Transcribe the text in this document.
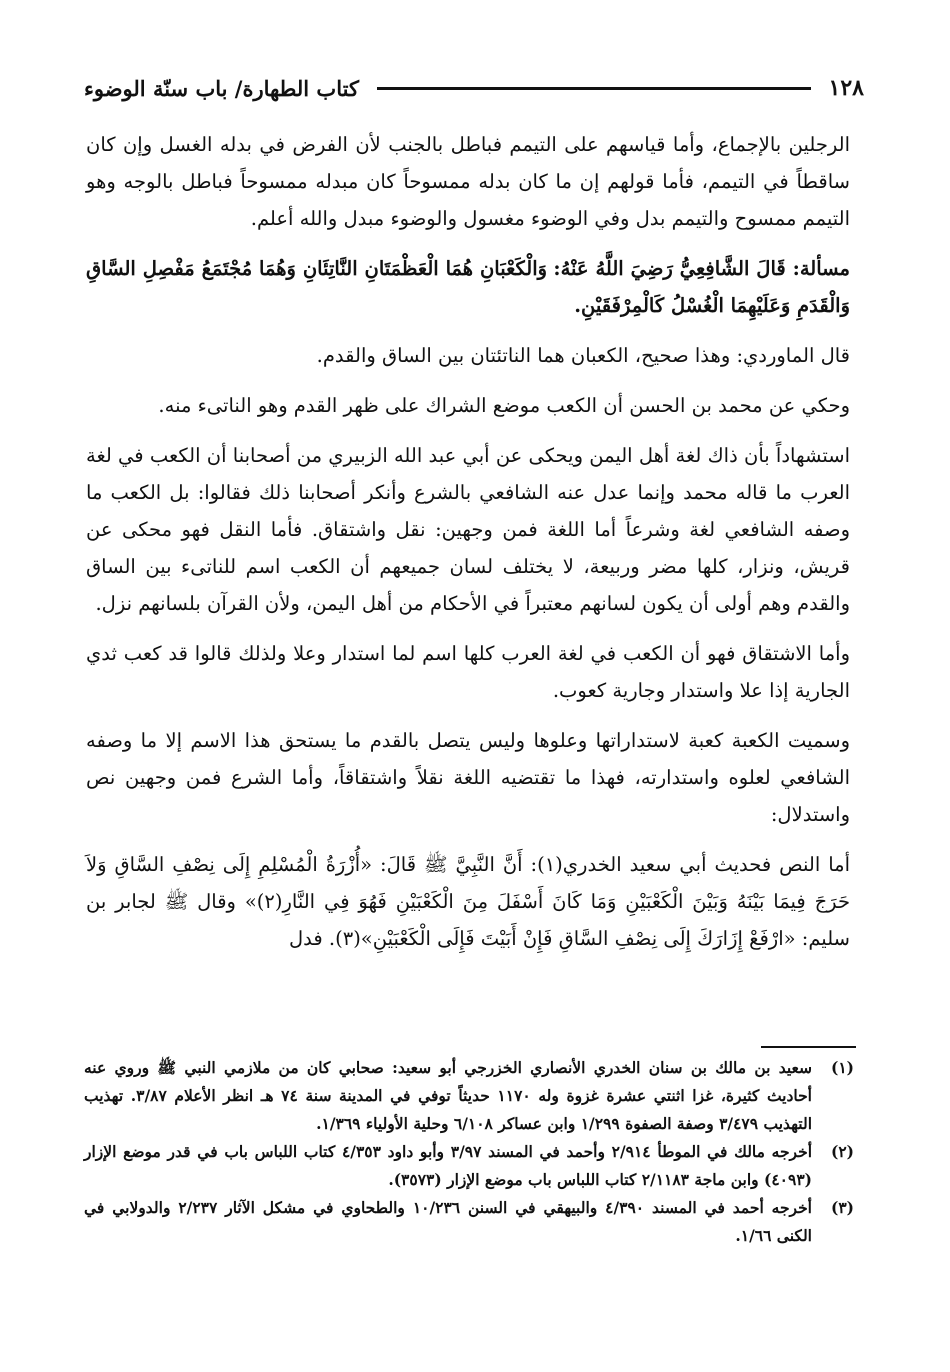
١٢٨
كتاب الطهارة/ باب سنّة الوضوء

الرجلين بالإجماع، وأما قياسهم على التيمم فباطل بالجنب لأن الفرض في بدله الغسل وإن كان ساقطاً في التيمم، فأما قولهم إن ما كان بدله ممسوحاً كان مبدله ممسوحاً فباطل بالوجه وهو التيمم ممسوح والتيمم بدل وفي الوضوء مغسول والوضوء مبدل والله أعلم.

مسألة: قَالَ الشَّافِعِيُّ رَضِيَ اللَّهُ عَنْهُ: وَالْكَعْبَانِ هُمَا الْعَظْمَتَانِ النَّاتِئَانِ وَهُمَا مُجْتَمَعُ مَفْصِلِ السَّاقِ وَالْقَدَمِ وَعَلَيْهِمَا الْغُسْلُ كَالْمِرْفَقَيْنِ.

قال الماوردي: وهذا صحيح، الكعبان هما الناتئتان بين الساق والقدم.

وحكي عن محمد بن الحسن أن الكعب موضع الشراك على ظهر القدم وهو الناتىء منه.

استشهاداً بأن ذاك لغة أهل اليمن ويحكى عن أبي عبد الله الزبيري من أصحابنا أن الكعب في لغة العرب ما قاله محمد وإنما عدل عنه الشافعي بالشرع وأنكر أصحابنا ذلك فقالوا: بل الكعب ما وصفه الشافعي لغة وشرعاً أما اللغة فمن وجهين: نقل واشتقاق. فأما النقل فهو محكى عن قريش، ونزار، كلها مضر وربيعة، لا يختلف لسان جميعهم أن الكعب اسم للناتىء بين الساق والقدم وهم أولى أن يكون لسانهم معتبراً في الأحكام من أهل اليمن، ولأن القرآن بلسانهم نزل.

وأما الاشتقاق فهو أن الكعب في لغة العرب كلها اسم لما استدار وعلا ولذلك قالوا قد كعب ثدي الجارية إذا علا واستدار وجارية كعوب.

وسميت الكعبة كعبة لاستداراتها وعلوها وليس يتصل بالقدم ما يستحق هذا الاسم إلا ما وصفه الشافعي لعلوه واستدارته، فهذا ما تقتضيه اللغة نقلاً واشتقاقاً، وأما الشرع فمن وجهين نص واستدلال:

أما النص فحديث أبي سعيد الخدري(١): أَنَّ النَّبِيَّ ﷺ قَالَ: «أُزْرَةُ الْمُسْلِمِ إِلَى نِصْفِ السَّاقِ وَلاَ حَرَجَ فِيمَا بَيْنَهُ وَبَيْنَ الْكَعْبَيْنِ وَمَا كَانَ أَسْفَلَ مِنَ الْكَعْبَيْنِ فَهُوَ فِي النَّارِ(٢)» وقال ﷺ لجابر بن سليم: «ارْفَعْ إِزَارَكَ إِلَى نِصْفِ السَّاقِ فَإِنْ أَبَيْتَ فَإِلَى الْكَعْبَيْنِ»(٣). فدل

(١)
سعيد بن مالك بن سنان الخدري الأنصاري الخزرجي أبو سعيد: صحابي كان من ملازمي النبي ﷺ وروي عنه أحاديث كثيرة، غزا اثنتي عشرة غزوة وله ١١٧٠ حديثاً توفي في المدينة سنة ٧٤ هـ انظر الأعلام ٣/٨٧. تهذيب التهذيب ٣/٤٧٩ وصفة الصفوة ١/٢٩٩ وابن عساكر ٦/١٠٨ وحلية الأولياء ١/٣٦٩.
(٢)
أخرجه مالك في الموطأ ٢/٩١٤ وأحمد في المسند ٣/٩٧ وأبو داود ٤/٣٥٣ كتاب اللباس باب في قدر موضع الإزار (٤٠٩٣) وابن ماجة ٢/١١٨٣ كتاب اللباس باب موضع الإزار (٣٥٧٣).
(٣)
أخرجه أحمد في المسند ٤/٣٩٠ والبيهقي في السنن ١٠/٢٣٦ والطحاوي في مشكل الآثار ٢/٢٣٧ والدولابي في الكنى ١/٦٦.
